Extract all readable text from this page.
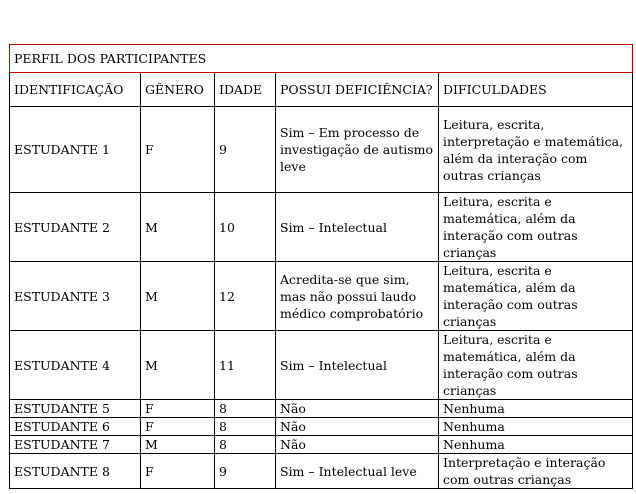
PERFIL DOS PARTICIPANTES				
IDENTIFICAÇÃO	GÊNERO	IDADE	POSSUI DEFICIÊNCIA?	DIFICULDADES
ESTUDANTE 1	F	9	Sim – Em processo de investigação de autismo leve	Leitura, escrita, interpretação e matemática, além da interação com outras crianças
ESTUDANTE 2	M	10	Sim – Intelectual	Leitura, escrita e matemática, além da interação com outras crianças
ESTUDANTE 3	M	12	Acredita-se que sim, mas não possui laudo médico comprobatório	Leitura, escrita e matemática, além da interação com outras crianças
ESTUDANTE 4	M	11	Sim – Intelectual	Leitura, escrita e matemática, além da interação com outras crianças
ESTUDANTE 5	F	8	Não	Nenhuma
ESTUDANTE 6	F	8	Não	Nenhuma
ESTUDANTE 7	M	8	Não	Nenhuma
ESTUDANTE 8	F	9	Sim – Intelectual leve	Interpretação e interação com outras crianças
